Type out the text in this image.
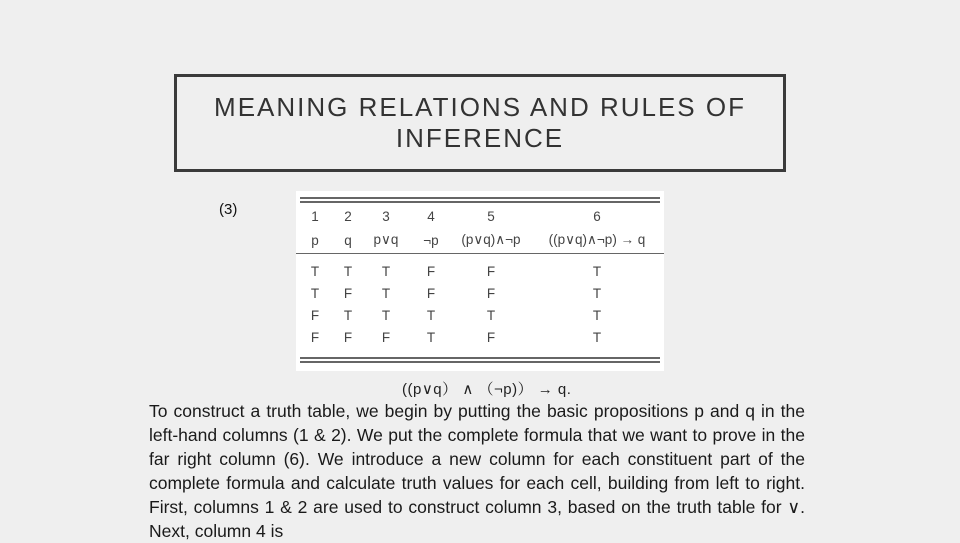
MEANING RELATIONS AND RULES OF INFERENCE
(3)	1	2	3	4	5	6
p	q	p∨q	¬p	(p∨q)∧¬p	((p∨q)∧¬p) → q

T	T	T	F	F	T
T	F	T	F	F	T
F	T	T	T	T	T
F	F	F	T	F	T
((p∨q） ∧ （¬p)） → q.
To construct a truth table, we begin by putting the basic propositions p and q in the left-hand columns (1 & 2). We put the complete formula that we want to prove in the far right column (6). We introduce a new column for each constituent part of the complete formula and calculate truth values for each cell, building from left to right. First, columns 1 & 2 are used to construct column 3, based on the truth table for ∨. Next, column 4 is
